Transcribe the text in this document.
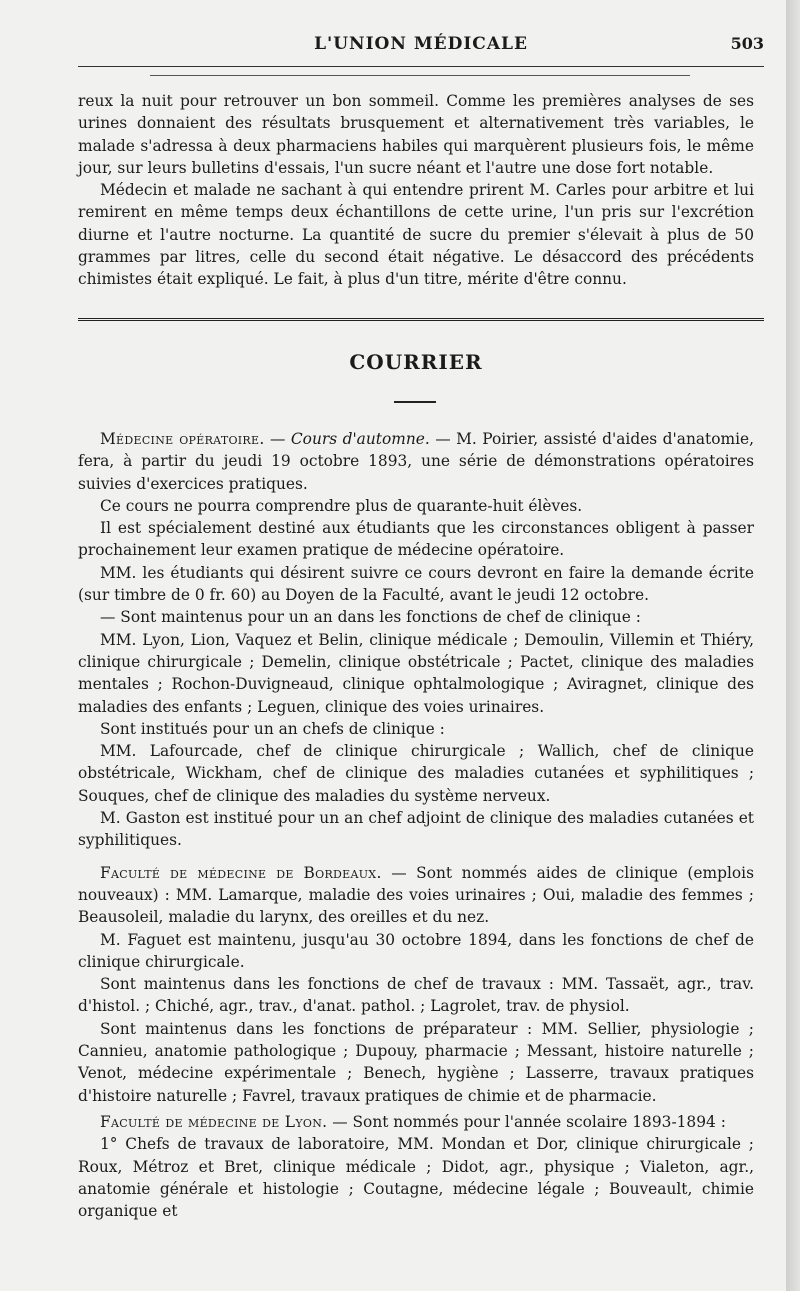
L'UNION MÉDICALE	503

reux la nuit pour retrouver un bon sommeil. Comme les premières analyses de ses urines donnaient des résultats brusquement et alternativement très variables, le malade s'adressa à deux pharmaciens habiles qui marquèrent plusieurs fois, le même jour, sur leurs bulletins d'essais, l'un sucre néant et l'autre une dose fort notable.

Médecin et malade ne sachant à qui entendre prirent M. Carles pour arbitre et lui remirent en même temps deux échantillons de cette urine, l'un pris sur l'excrétion diurne et l'autre nocturne. La quantité de sucre du premier s'élevait à plus de 50 grammes par litres, celle du second était négative. Le désaccord des précédents chimistes était expliqué. Le fait, à plus d'un titre, mérite d'être connu.

COURRIER

Médecine opératoire. — Cours d'automne. — M. Poirier, assisté d'aides d'anatomie, fera, à partir du jeudi 19 octobre 1893, une série de démonstrations opératoires suivies d'exercices pratiques.

Ce cours ne pourra comprendre plus de quarante-huit élèves.

Il est spécialement destiné aux étudiants que les circonstances obligent à passer prochainement leur examen pratique de médecine opératoire.

MM. les étudiants qui désirent suivre ce cours devront en faire la demande écrite (sur timbre de 0 fr. 60) au Doyen de la Faculté, avant le jeudi 12 octobre.

— Sont maintenus pour un an dans les fonctions de chef de clinique :

MM. Lyon, Lion, Vaquez et Belin, clinique médicale ; Demoulin, Villemin et Thiéry, clinique chirurgicale ; Demelin, clinique obstétricale ; Pactet, clinique des maladies mentales ; Rochon-Duvigneaud, clinique ophtalmologique ; Aviragnet, clinique des maladies des enfants ; Leguen, clinique des voies urinaires.

Sont institués pour un an chefs de clinique :

MM. Lafourcade, chef de clinique chirurgicale ; Wallich, chef de clinique obstétricale, Wickham, chef de clinique des maladies cutanées et syphilitiques ; Souques, chef de clinique des maladies du système nerveux.

M. Gaston est institué pour un an chef adjoint de clinique des maladies cutanées et syphilitiques.

Faculté de médecine de Bordeaux. — Sont nommés aides de clinique (emplois nouveaux) : MM. Lamarque, maladie des voies urinaires ; Oui, maladie des femmes ; Beausoleil, maladie du larynx, des oreilles et du nez.

M. Faguet est maintenu, jusqu'au 30 octobre 1894, dans les fonctions de chef de clinique chirurgicale.

Sont maintenus dans les fonctions de chef de travaux : MM. Tassaët, agr., trav. d'histol. ; Chiché, agr., trav., d'anat. pathol. ; Lagrolet, trav. de physiol.

Sont maintenus dans les fonctions de préparateur : MM. Sellier, physiologie ; Cannieu, anatomie pathologique ; Dupouy, pharmacie ; Messant, histoire naturelle ; Venot, médecine expérimentale ; Benech, hygiène ; Lasserre, travaux pratiques d'histoire naturelle ; Favrel, travaux pratiques de chimie et de pharmacie.

Faculté de médecine de Lyon. — Sont nommés pour l'année scolaire 1893-1894 :

1° Chefs de travaux de laboratoire, MM. Mondan et Dor, clinique chirurgicale ; Roux, Métroz et Bret, clinique médicale ; Didot, agr., physique ; Vialeton, agr., anatomie générale et histologie ; Coutagne, médecine légale ; Bouveault, chimie organique et
